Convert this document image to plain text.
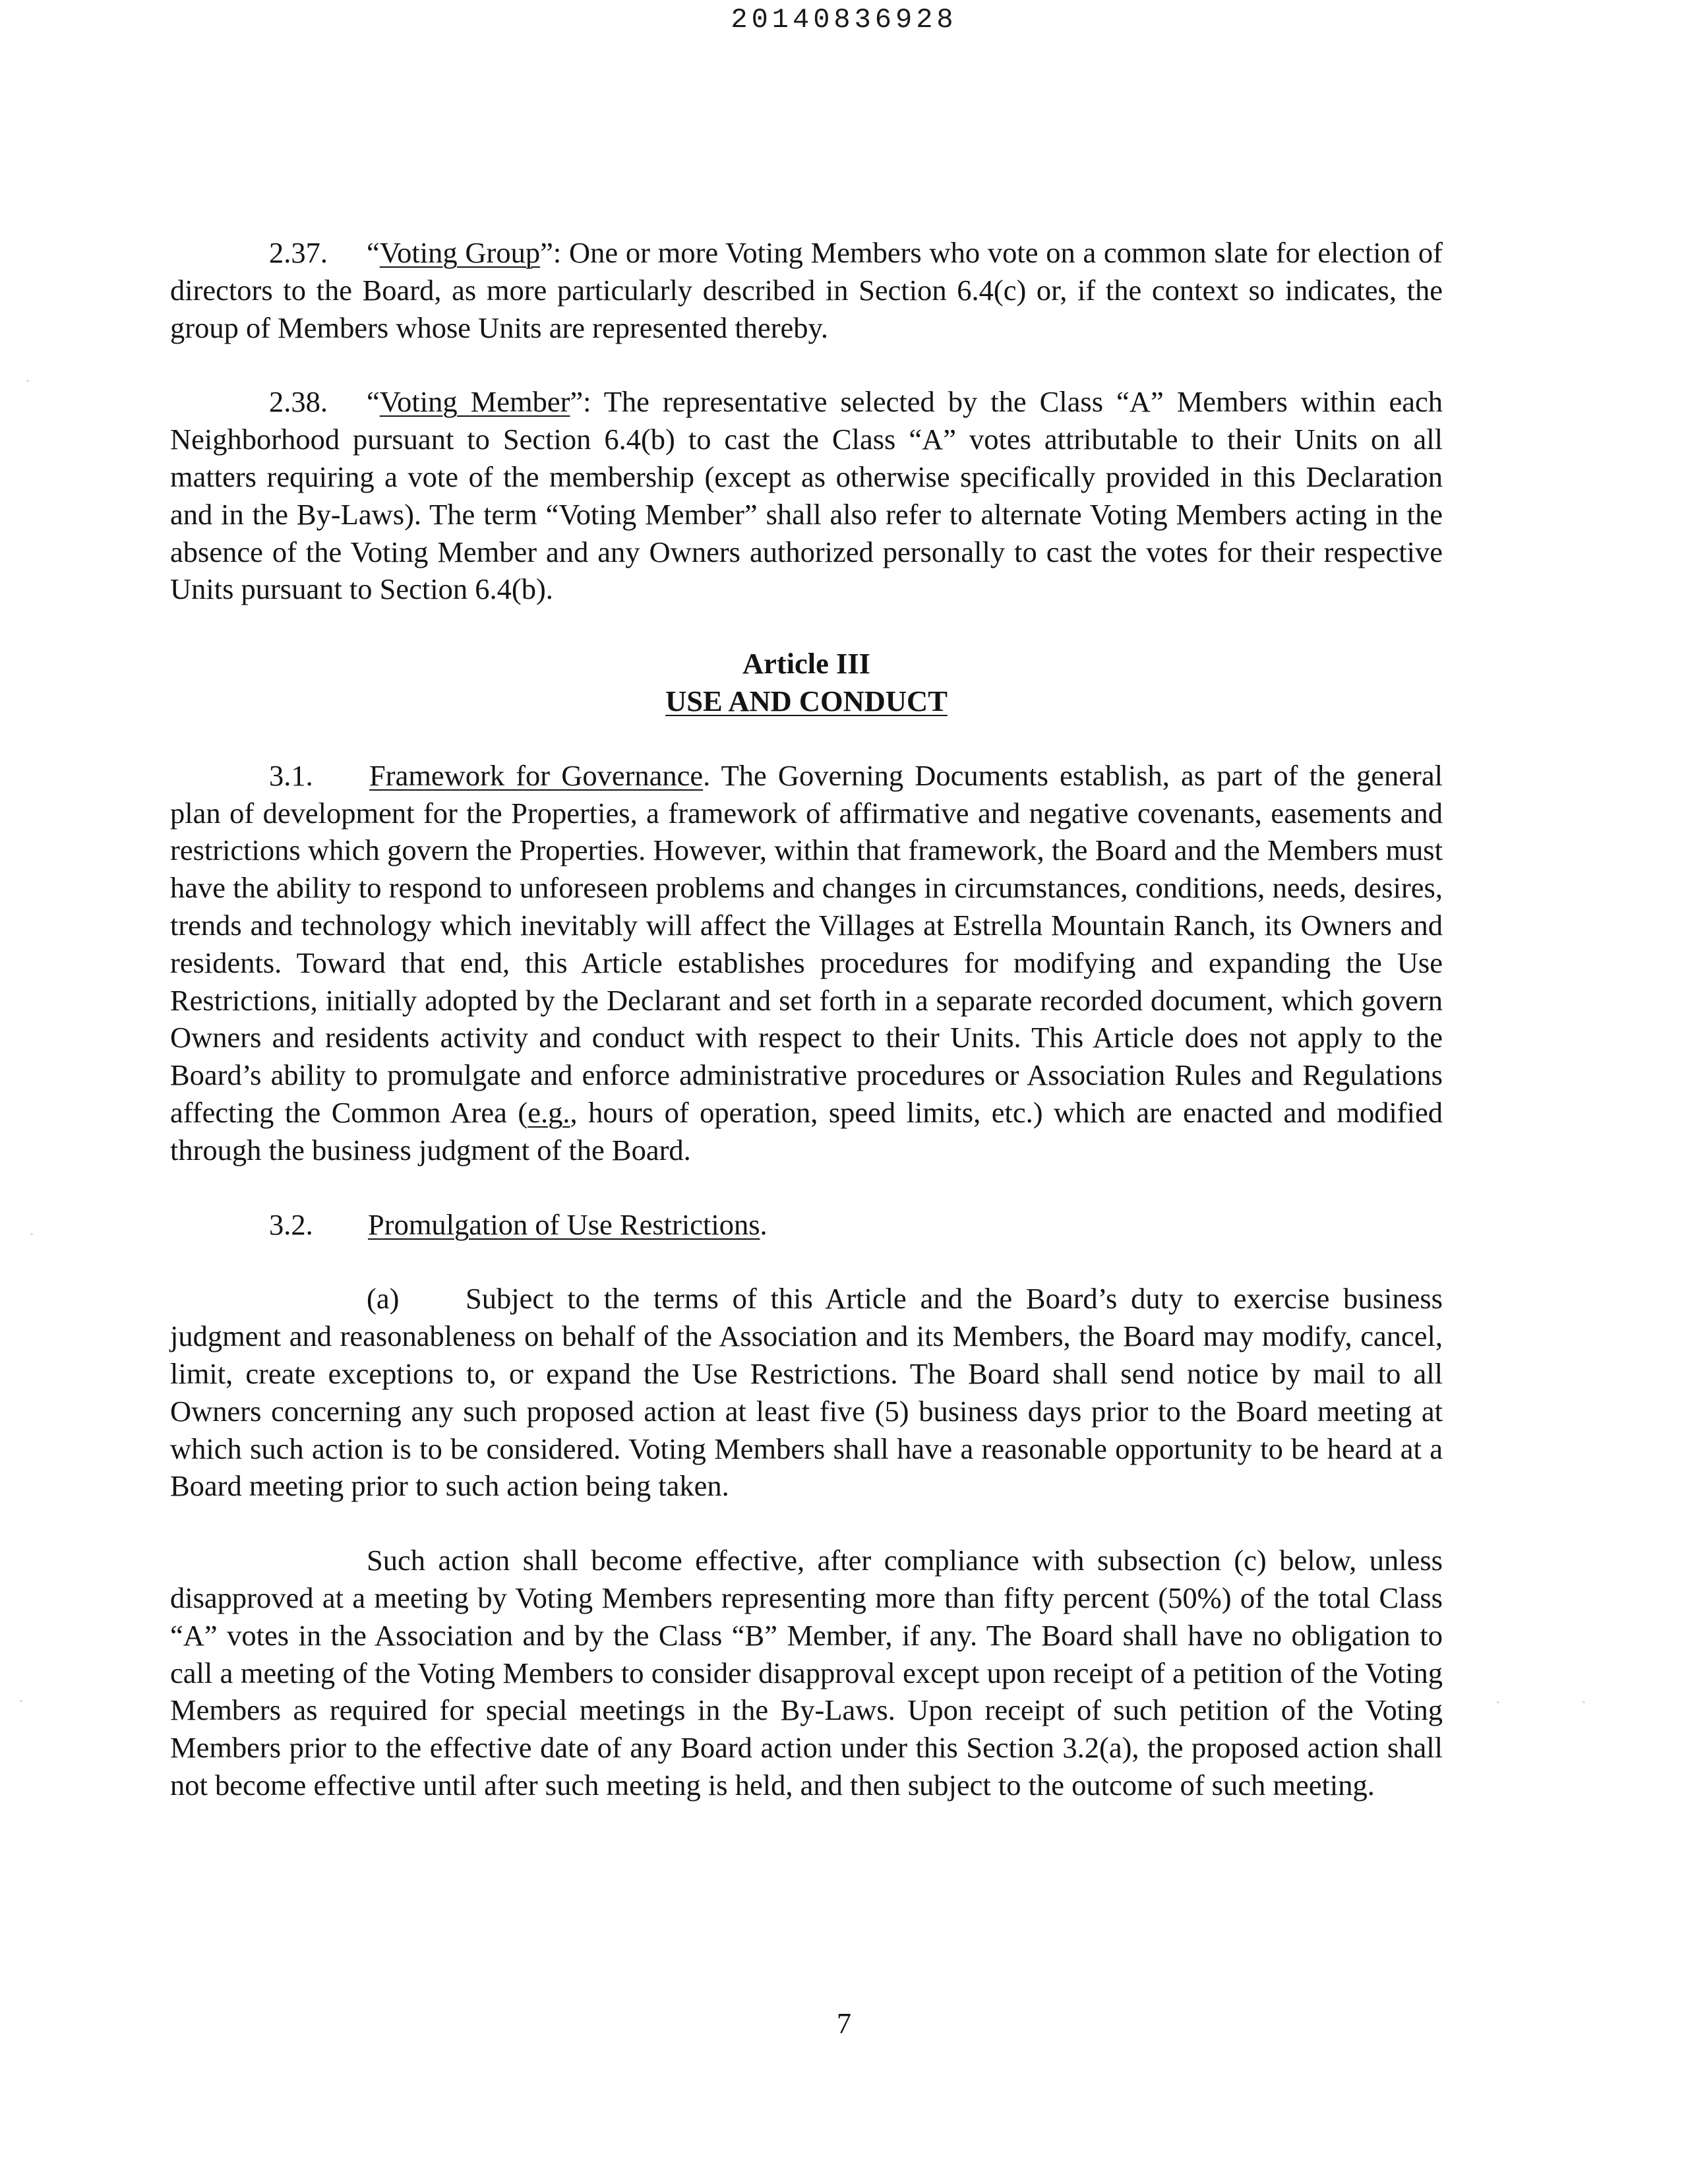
20140836928

2.37. “Voting Group”: One or more Voting Members who vote on a common slate for election of directors to the Board, as more particularly described in Section 6.4(c) or, if the context so indicates, the group of Members whose Units are represented thereby.

2.38. “Voting Member”: The representative selected by the Class “A” Members within each Neighborhood pursuant to Section 6.4(b) to cast the Class “A” votes attributable to their Units on all matters requiring a vote of the membership (except as otherwise specifically provided in this Declaration and in the By-Laws). The term “Voting Member” shall also refer to alternate Voting Members acting in the absence of the Voting Member and any Owners authorized personally to cast the votes for their respective Units pursuant to Section 6.4(b).

Article III
USE AND CONDUCT

3.1. Framework for Governance. The Governing Documents establish, as part of the general plan of development for the Properties, a framework of affirmative and negative covenants, easements and restrictions which govern the Properties. However, within that framework, the Board and the Members must have the ability to respond to unforeseen problems and changes in circumstances, conditions, needs, desires, trends and technology which inevitably will affect the Villages at Estrella Mountain Ranch, its Owners and residents. Toward that end, this Article establishes procedures for modifying and expanding the Use Restrictions, initially adopted by the Declarant and set forth in a separate recorded document, which govern Owners and residents activity and conduct with respect to their Units. This Article does not apply to the Board’s ability to promulgate and enforce administrative procedures or Association Rules and Regulations affecting the Common Area (e.g., hours of operation, speed limits, etc.) which are enacted and modified through the business judgment of the Board.

3.2. Promulgation of Use Restrictions.

(a) Subject to the terms of this Article and the Board’s duty to exercise business judgment and reasonableness on behalf of the Association and its Members, the Board may modify, cancel, limit, create exceptions to, or expand the Use Restrictions. The Board shall send notice by mail to all Owners concerning any such proposed action at least five (5) business days prior to the Board meeting at which such action is to be considered. Voting Members shall have a reasonable opportunity to be heard at a Board meeting prior to such action being taken.

Such action shall become effective, after compliance with subsection (c) below, unless disapproved at a meeting by Voting Members representing more than fifty percent (50%) of the total Class “A” votes in the Association and by the Class “B” Member, if any. The Board shall have no obligation to call a meeting of the Voting Members to consider disapproval except upon receipt of a petition of the Voting Members as required for special meetings in the By-Laws. Upon receipt of such petition of the Voting Members prior to the effective date of any Board action under this Section 3.2(a), the proposed action shall not become effective until after such meeting is held, and then subject to the outcome of such meeting.

7
